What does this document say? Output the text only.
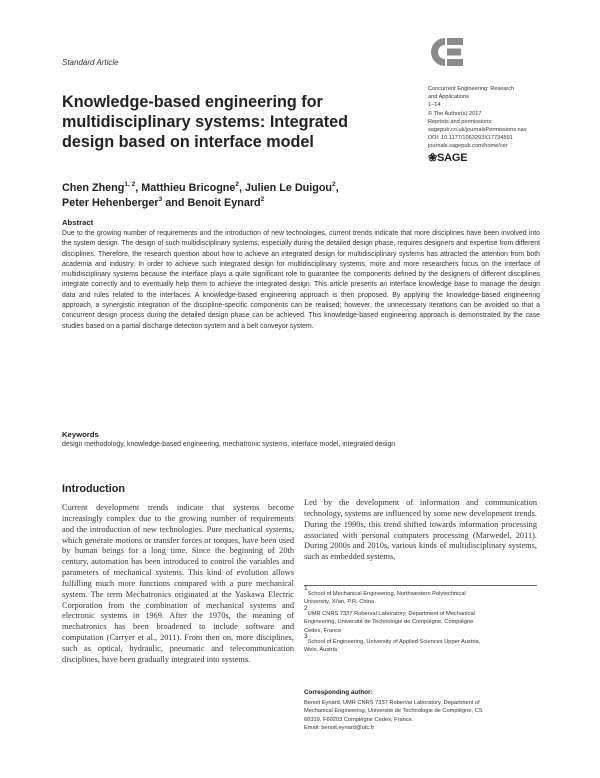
Standard Article
Concurrent Engineering: Research
and Applications
1–14
© The Author(s) 2017
Reprints and permissions:
sagepub.co.uk/journalsPermissions.nav
DOI: 10.1177/1063293X17734591
journals.sagepub.com/home/cer
❀SAGE
Knowledge-based engineering for
multidisciplinary systems: Integrated
design based on interface model
Chen Zheng$^{1, 2}$, Matthieu Bricogne$^2$, Julien Le Duigou$^2$,
Peter Hehenberger$^3$ and Benoit Eynard$^2$
Abstract
Due to the growing number of requirements and the introduction of new technologies, current trends indicate that more disciplines have been involved into the system design. The design of such multidisciplinary systems, especially during the detailed design phase, requires designers and expertise from different disciplines. Therefore, the research question about how to achieve an integrated design for multidisciplinary systems has attracted the attention from both academia and industry. In order to achieve such integrated design for multidisciplinary systems, more and more researchers focus on the interface of multidisciplinary systems because the interface plays a quite significant role to guarantee the components defined by the designers of different disciplines integrate correctly and to eventually help them to achieve the integrated design. This article presents an interface knowledge base to manage the design data and rules related to the interfaces. A knowledge-based engineering approach is then proposed. By applying the knowledge-based engineering approach, a synergistic integration of the discipline-specific components can be realised; however, the unnecessary iterations can be avoided so that a concurrent design process during the detailed design phase can be achieved. This knowledge-based engineering approach is demonstrated by the case studies based on a partial discharge detection system and a belt conveyor system.
Keywords
design methodology, knowledge-based engineering, mechatronic systems, interface model, integrated design
Introduction
Current development trends indicate that systems become increasingly complex due to the growing number of requirements and the introduction of new technologies. Pure mechanical systems, which generate motions or transfer forces or torques, have been used by human beings for a long time. Since the beginning of 20th century, automation has been introduced to control the variables and parameters of mechanical systems. This kind of evolution allows fulfilling much more functions compared with a pure mechanical system. The term Mechatronics originated at the Yaskawa Electric Corporation from the combination of mechanical systems and electronic systems in 1969. After the 1970s, the meaning of mechatronics has been broadened to include software and computation (Carryer et al., 2011). From then on, more disciplines, such as optical, hydraulic, pneumatic and telecommunication disciplines, have been gradually integrated into systems.
Led by the development of information and communication technology, systems are influenced by some new development trends. During the 1990s, this trend shifted towards information processing associated with personal computers processing (Marwedel, 2011). During 2000s and 2010s, various kinds of multidisciplinary systems, such as embedded systems,
$^1$School of Mechanical Engineering, Northwestern Polytechnical
University, Xi'an, P.R. China
$^2$UMR CNRS 7337 Roberval Laboratory, Department of Mechanical
Engineering, Université de Technologie de Compiègne, Compiègne
Cedex, France
$^3$School of Engineering, University of Applied Sciences Upper Austria,
Wels, Austria
Corresponding author:
Benoit Eynard, UMR CNRS 7337 Roberval Laboratory, Department of
Mechanical Engineering, Université de Technologie de Compiègne, CS
60319, F60203 Compiègne Cedex, France.
Email: benoit.eynard@utc.fr
